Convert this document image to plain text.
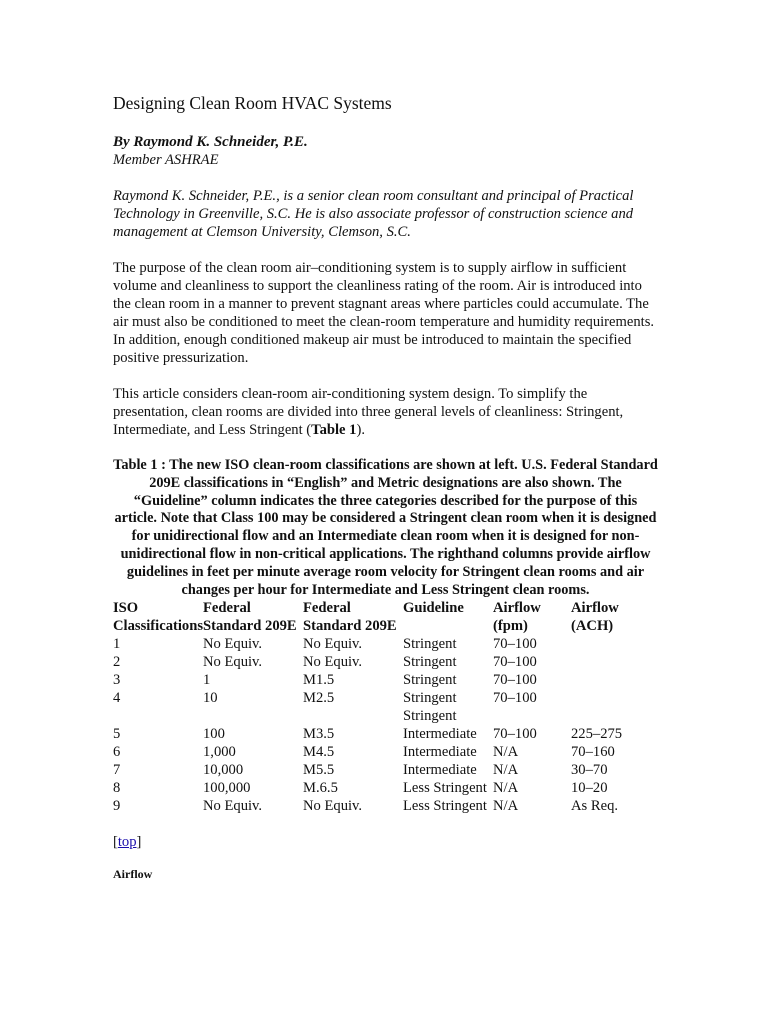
Designing Clean Room HVAC Systems
By Raymond K. Schneider, P.E.
Member ASHRAE
Raymond K. Schneider, P.E., is a senior clean room consultant and principal of Practical Technology in Greenville, S.C. He is also associate professor of construction science and management at Clemson University, Clemson, S.C.
The purpose of the clean room air–conditioning system is to supply airflow in sufficient volume and cleanliness to support the cleanliness rating of the room. Air is introduced into the clean room in a manner to prevent stagnant areas where particles could accumulate. The air must also be conditioned to meet the clean-room temperature and humidity requirements. In addition, enough conditioned makeup air must be introduced to maintain the specified positive pressurization.
This article considers clean-room air-conditioning system design. To simplify the presentation, clean rooms are divided into three general levels of cleanliness: Stringent, Intermediate, and Less Stringent (Table 1).
Table 1 : The new ISO clean-room classifications are shown at left. U.S. Federal Standard 209E classifications in “English” and Metric designations are also shown. The “Guideline” column indicates the three categories described for the purpose of this article. Note that Class 100 may be considered a Stringent clean room when it is designed for unidirectional flow and an Intermediate clean room when it is designed for non-unidirectional flow in non-critical applications. The righthand columns provide airflow guidelines in feet per minute average room velocity for Stringent clean rooms and air changes per hour for Intermediate and Less Stringent clean rooms.
ISO Classifications	Federal Standard 209E	Federal Standard 209E	Guideline	Airflow (fpm)	Airflow (ACH)
1	No Equiv.	No Equiv.	Stringent	70–100	
2	No Equiv.	No Equiv.	Stringent	70–100	
3	1	M1.5	Stringent	70–100	
4	10	M2.5	Stringent	70–100	
			Stringent		
5	100	M3.5	Intermediate	70–100	225–275
6	1,000	M4.5	Intermediate	N/A	70–160
7	10,000	M5.5	Intermediate	N/A	30–70
8	100,000	M.6.5	Less Stringent	N/A	10–20
9	No Equiv.	No Equiv.	Less Stringent	N/A	As Req.
[top]
Airflow
